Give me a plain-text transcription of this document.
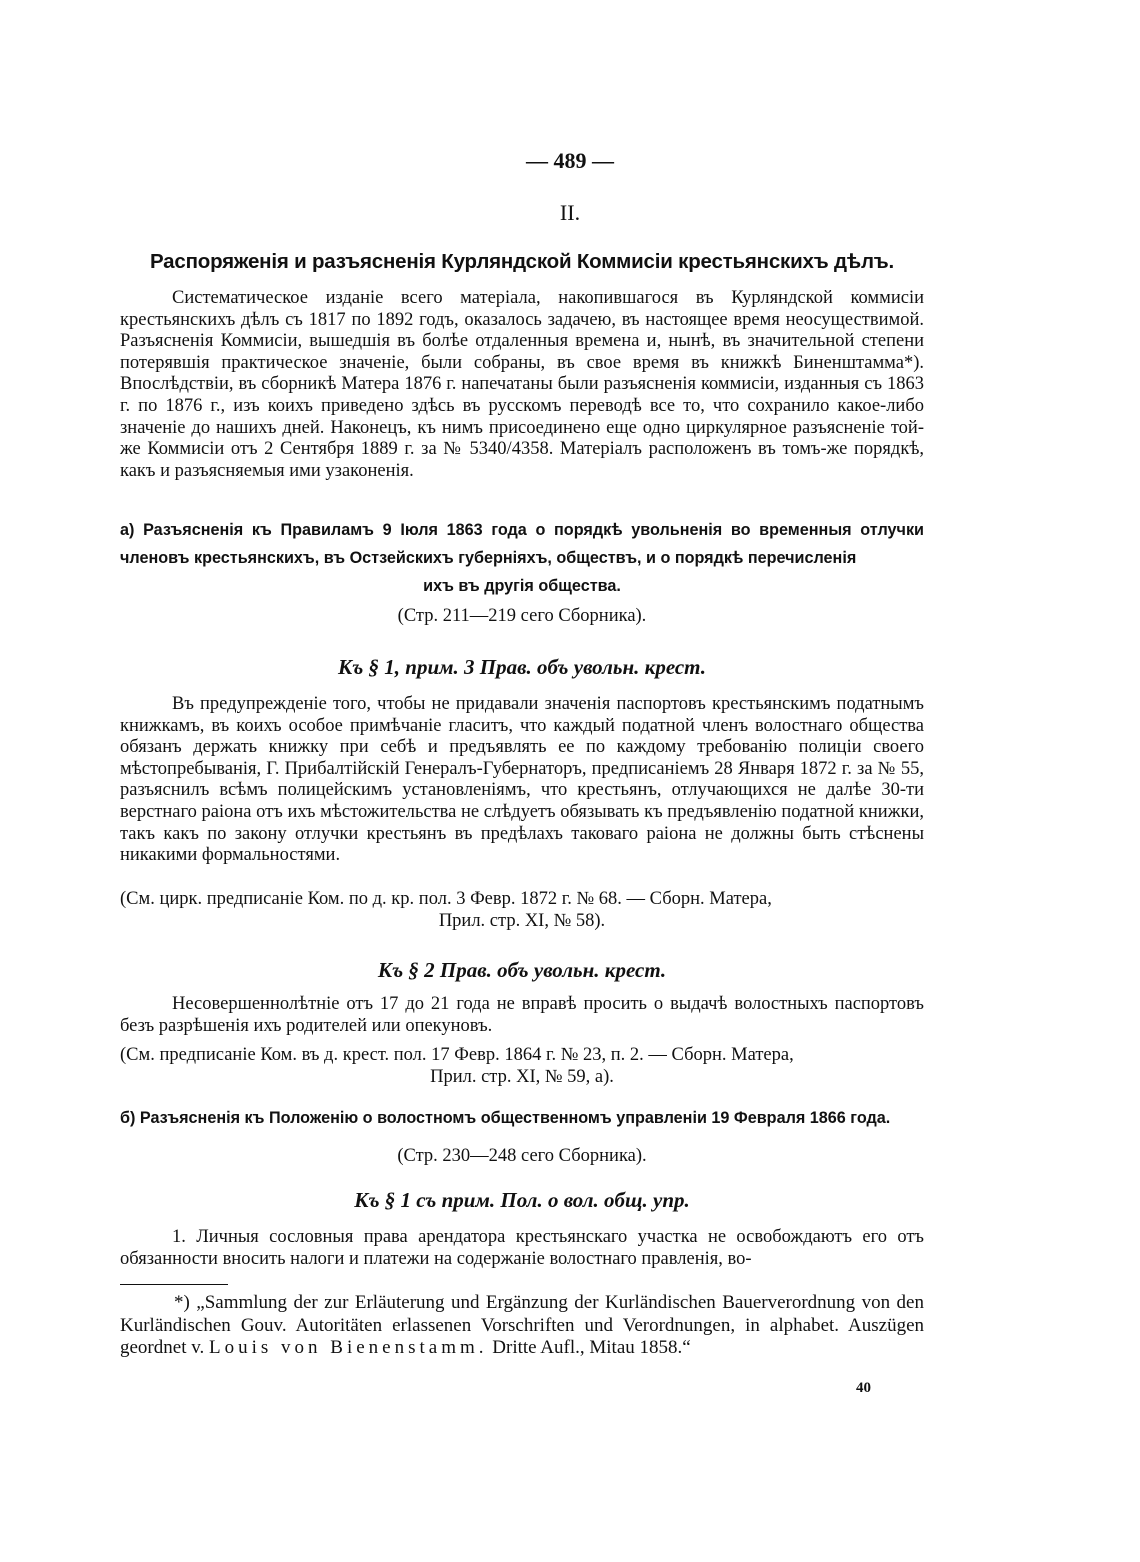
— 489 —
II.
Распоряженія и разъясненія Курляндской Коммисіи крестьянскихъ дѣлъ.
Систематическое изданіе всего матеріала, накопившагося въ Курляндской коммисіи крестьянскихъ дѣлъ съ 1817 по 1892 годъ, оказалось задачею, въ настоящее время неосуществимой. Разъясненія Коммисіи, вышедшія въ болѣе отдаленныя времена и, нынѣ, въ значительной степени потерявшія практическое значеніе, были собраны, въ свое время въ книжкѣ Биненштамма*). Впослѣдствіи, въ сборникѣ Матера 1876 г. напечатаны были разъясненія коммисіи, изданныя съ 1863 г. по 1876 г., изъ коихъ приведено здѣсь въ русскомъ переводѣ все то, что сохранило какое-либо значеніе до нашихъ дней. Наконецъ, къ нимъ присоединено еще одно циркулярное разъясненіе той-же Коммисіи отъ 2 Сентября 1889 г. за № 5340/4358. Матеріалъ расположенъ въ томъ-же порядкѣ, какъ и разъясняемыя ими узаконенія.
а) Разъясненія къ Правиламъ 9 Іюля 1863 года о порядкѣ увольненія во временныя отлучки членовъ крестьянскихъ, въ Остзейскихъ губерніяхъ, обществъ, и о порядкѣ перечисленія
ихъ въ другія общества.
(Стр. 211—219 сего Сборника).
Къ § 1, прим. 3 Прав. объ увольн. крест.
Въ предупрежденіе того, чтобы не придавали значенія паспортовъ крестьянскимъ податнымъ книжкамъ, въ коихъ особое примѣчаніе гласитъ, что каждый податной членъ волостнаго общества обязанъ держать книжку при себѣ и предъявлять ее по каждому требованію полиціи своего мѣстопребыванія, Г. Прибалтійскій Генералъ-Губернаторъ, предписаніемъ 28 Января 1872 г. за № 55, разъяснилъ всѣмъ полицейскимъ установленіямъ, что крестьянъ, отлучающихся не далѣе 30-ти верстнаго раіона отъ ихъ мѣстожительства не слѣдуетъ обязывать къ предъявленію податной книжки, такъ какъ по закону отлучки крестьянъ въ предѣлахъ таковаго раіона не должны быть стѣснены никакими формальностями.
(См. цирк. предписаніе Ком. по д. кр. пол. 3 Февр. 1872 г. № 68. — Сборн. Матера,
Прил. стр. XI, № 58).
Къ § 2 Прав. объ увольн. крест.
Несовершеннолѣтніе отъ 17 до 21 года не вправѣ просить о выдачѣ волостныхъ паспортовъ безъ разрѣшенія ихъ родителей или опекуновъ.
(См. предписаніе Ком. въ д. крест. пол. 17 Февр. 1864 г. № 23, п. 2. — Сборн. Матера,
Прил. стр. XI, № 59, а).
б) Разъясненія къ Положенію о волостномъ общественномъ управленіи 19 Февраля 1866 года.
(Стр. 230—248 сего Сборника).
Къ § 1 съ прим. Пол. о вол. общ. упр.
1. Личныя сословныя права арендатора крестьянскаго участка не освобождаютъ его отъ обязанности вносить налоги и платежи на содержаніе волостнаго правленія, во-
*) „Sammlung der zur Erläuterung und Ergänzung der Kurländischen Bauerverordnung von den Kurländischen Gouv. Autoritäten erlassenen Vorschriften und Verordnungen, in alphabet. Auszügen geordnet v. Louis von Bienenstamm. Dritte Aufl., Mitau 1858.“
40
